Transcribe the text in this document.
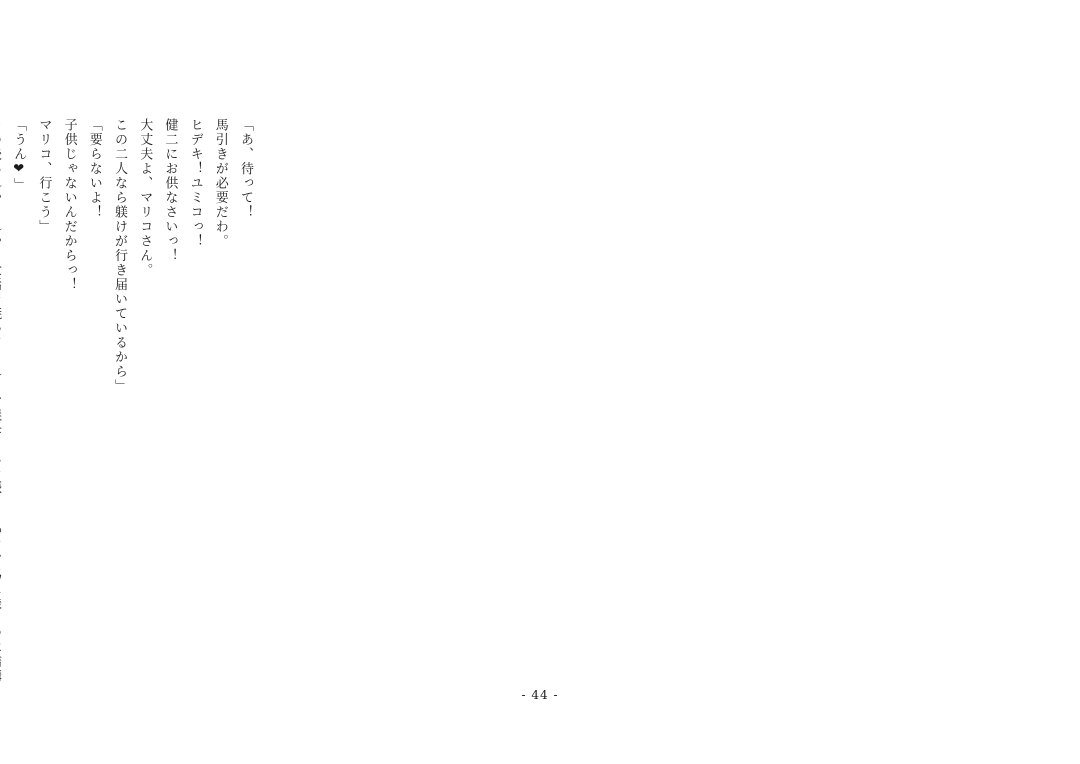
「あ、待って！
馬引きが必要だわ。
ヒデキ！ユミコっ！
健二にお供なさいっ！
大丈夫よ、マリコさん。
この二人なら躾けが行き届いているから」
「要らないよ！
子供じゃないんだからっ！
マリコ、行こう」
「うん❤」

- 44 -
